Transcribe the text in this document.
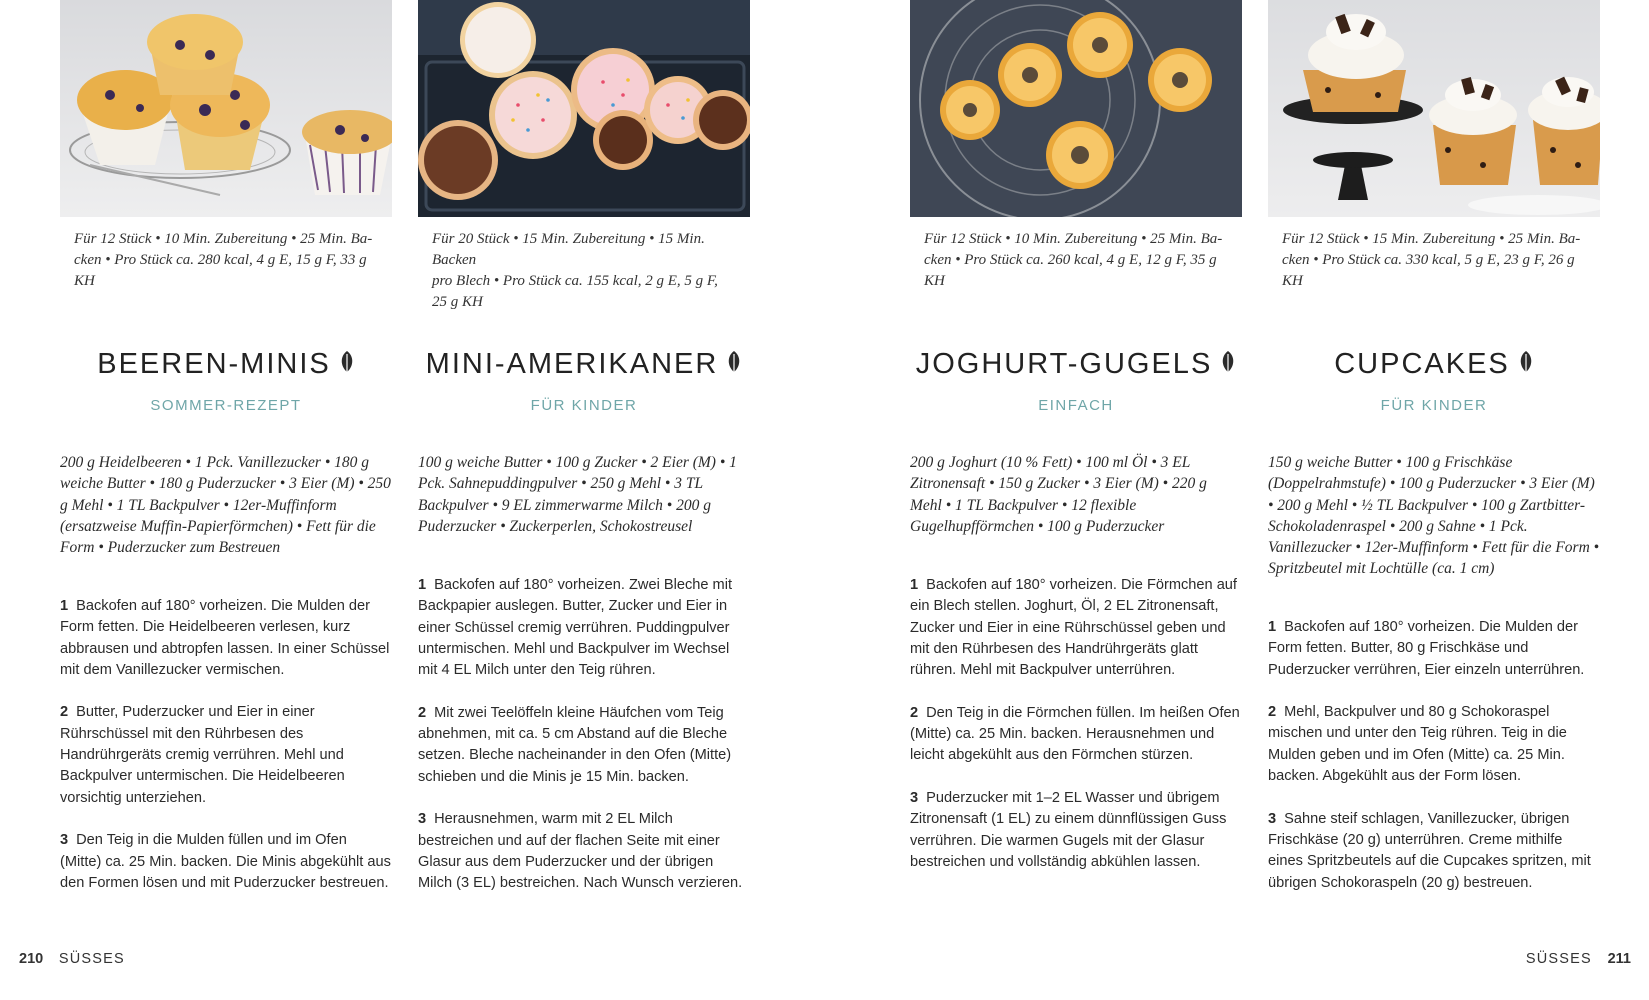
Für 12 Stück • 10 Min. Zubereitung • 25 Min. Ba-
cken • Pro Stück ca. 280 kcal, 4 g E, 15 g F, 33 g KH
BEEREN-MINIS
SOMMER-REZEPT
200 g Heidelbeeren • 1 Pck. Vanillezucker • 180 g weiche Butter • 180 g Puderzucker • 3 Eier (M) • 250 g Mehl • 1 TL Backpulver • 12er-Muffinform (ersatzweise Muffin-Papierförmchen) • Fett für die Form • Puderzucker zum Bestreuen

1 Backofen auf 180° vorheizen. Die Mulden der Form fetten. Die Heidelbeeren verlesen, kurz abbrausen und abtropfen lassen. In einer Schüssel mit dem Vanillezucker vermischen.

2 Butter, Puderzucker und Eier in einer Rührschüssel mit den Rührbesen des Handrührgeräts cremig verrühren. Mehl und Backpulver untermischen. Die Heidelbeeren vorsichtig unterziehen.

3 Den Teig in die Mulden füllen und im Ofen (Mitte) ca. 25 Min. backen. Die Minis abgekühlt aus den Formen lösen und mit Puderzucker bestreuen.

Für 20 Stück • 15 Min. Zubereitung • 15 Min. Backen
pro Blech • Pro Stück ca. 155 kcal, 2 g E, 5 g F, 25 g KH
MINI-AMERIKANER
FÜR KINDER
100 g weiche Butter • 100 g Zucker • 2 Eier (M) • 1 Pck. Sahnepuddingpulver • 250 g Mehl • 3 TL Backpulver • 9 EL zimmerwarme Milch • 200 g Puderzucker • Zuckerperlen, Schokostreusel

1 Backofen auf 180° vorheizen. Zwei Bleche mit Backpapier auslegen. Butter, Zucker und Eier in einer Schüssel cremig verrühren. Puddingpulver untermischen. Mehl und Backpulver im Wechsel mit 4 EL Milch unter den Teig rühren.

2 Mit zwei Teelöffeln kleine Häufchen vom Teig abnehmen, mit ca. 5 cm Abstand auf die Bleche setzen. Bleche nacheinander in den Ofen (Mitte) schieben und die Minis je 15 Min. backen.

3 Herausnehmen, warm mit 2 EL Milch bestreichen und auf der flachen Seite mit einer Glasur aus dem Puderzucker und der übrigen Milch (3 EL) bestreichen. Nach Wunsch verzieren.

Für 12 Stück • 10 Min. Zubereitung • 25 Min. Ba-
cken • Pro Stück ca. 260 kcal, 4 g E, 12 g F, 35 g KH
JOGHURT-GUGELS
EINFACH
200 g Joghurt (10 % Fett) • 100 ml Öl • 3 EL Zitronensaft • 150 g Zucker • 3 Eier (M) • 220 g Mehl • 1 TL Backpulver • 12 flexible Gugelhupfförmchen • 100 g Puderzucker

1 Backofen auf 180° vorheizen. Die Förmchen auf ein Blech stellen. Joghurt, Öl, 2 EL Zitronensaft, Zucker und Eier in eine Rührschüssel geben und mit den Rührbesen des Handrührgeräts glatt rühren. Mehl mit Backpulver unterrühren.

2 Den Teig in die Förmchen füllen. Im heißen Ofen (Mitte) ca. 25 Min. backen. Herausnehmen und leicht abgekühlt aus den Förmchen stürzen.

3 Puderzucker mit 1–2 EL Wasser und übrigem Zitronensaft (1 EL) zu einem dünnflüssigen Guss verrühren. Die warmen Gugels mit der Glasur bestreichen und vollständig abkühlen lassen.

Für 12 Stück • 15 Min. Zubereitung • 25 Min. Ba-
cken • Pro Stück ca. 330 kcal, 5 g E, 23 g F, 26 g KH
CUPCAKES
FÜR KINDER
150 g weiche Butter • 100 g Frischkäse (Doppelrahmstufe) • 100 g Puderzucker • 3 Eier (M) • 200 g Mehl • ½ TL Backpulver • 100 g Zartbitter-Schokoladenraspel • 200 g Sahne • 1 Pck. Vanillezucker • 12er-Muffinform • Fett für die Form • Spritzbeutel mit Lochtülle (ca. 1 cm)

1 Backofen auf 180° vorheizen. Die Mulden der Form fetten. Butter, 80 g Frischkäse und Puderzucker verrühren, Eier einzeln unterrühren.

2 Mehl, Backpulver und 80 g Schokoraspel mischen und unter den Teig rühren. Teig in die Mulden geben und im Ofen (Mitte) ca. 25 Min. backen. Abgekühlt aus der Form lösen.

3 Sahne steif schlagen, Vanillezucker, übrigen Frischkäse (20 g) unterrühren. Creme mithilfe eines Spritzbeutels auf die Cupcakes spritzen, mit übrigen Schokoraspeln (20 g) bestreuen.

210 SÜSSES	SÜSSES 211
